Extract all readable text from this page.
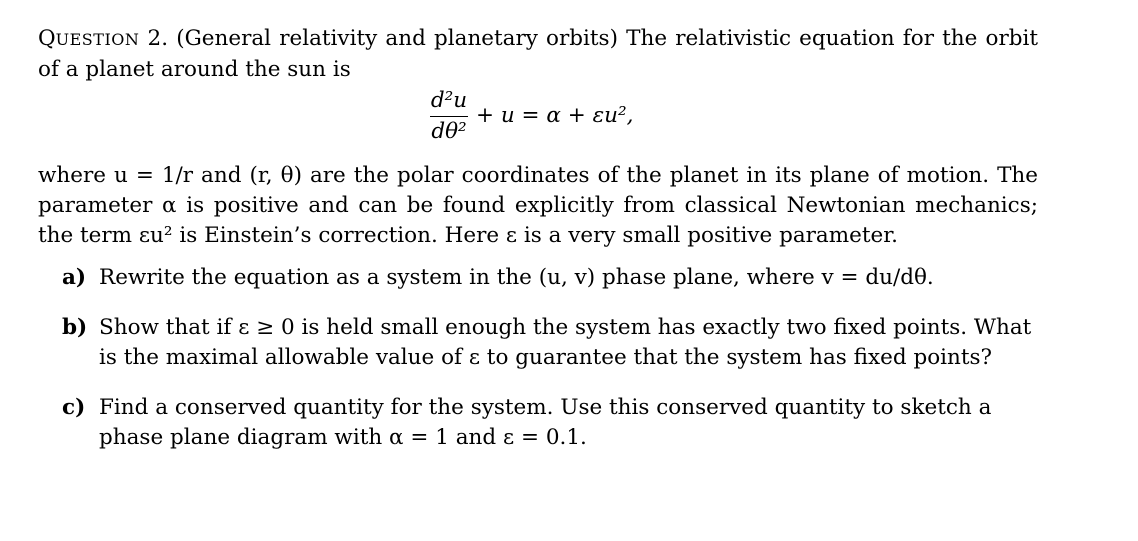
QUESTION 2. (General relativity and planetary orbits) The relativistic equation for the orbit of a planet around the sun is

d²u
dθ²
+ u = α + εu²,

where u = 1/r and (r, θ) are the polar coordinates of the planet in its plane of motion. The parameter α is positive and can be found explicitly from classical Newtonian mechanics; the term εu² is Einstein’s correction. Here ε is a very small positive parameter.

a) Rewrite the equation as a system in the (u, v) phase plane, where v = du/dθ.
b) Show that if ε ≥ 0 is held small enough the system has exactly two fixed points. What is the maximal allowable value of ε to guarantee that the system has fixed points?
c) Find a conserved quantity for the system. Use this conserved quantity to sketch a phase plane diagram with α = 1 and ε = 0.1.
